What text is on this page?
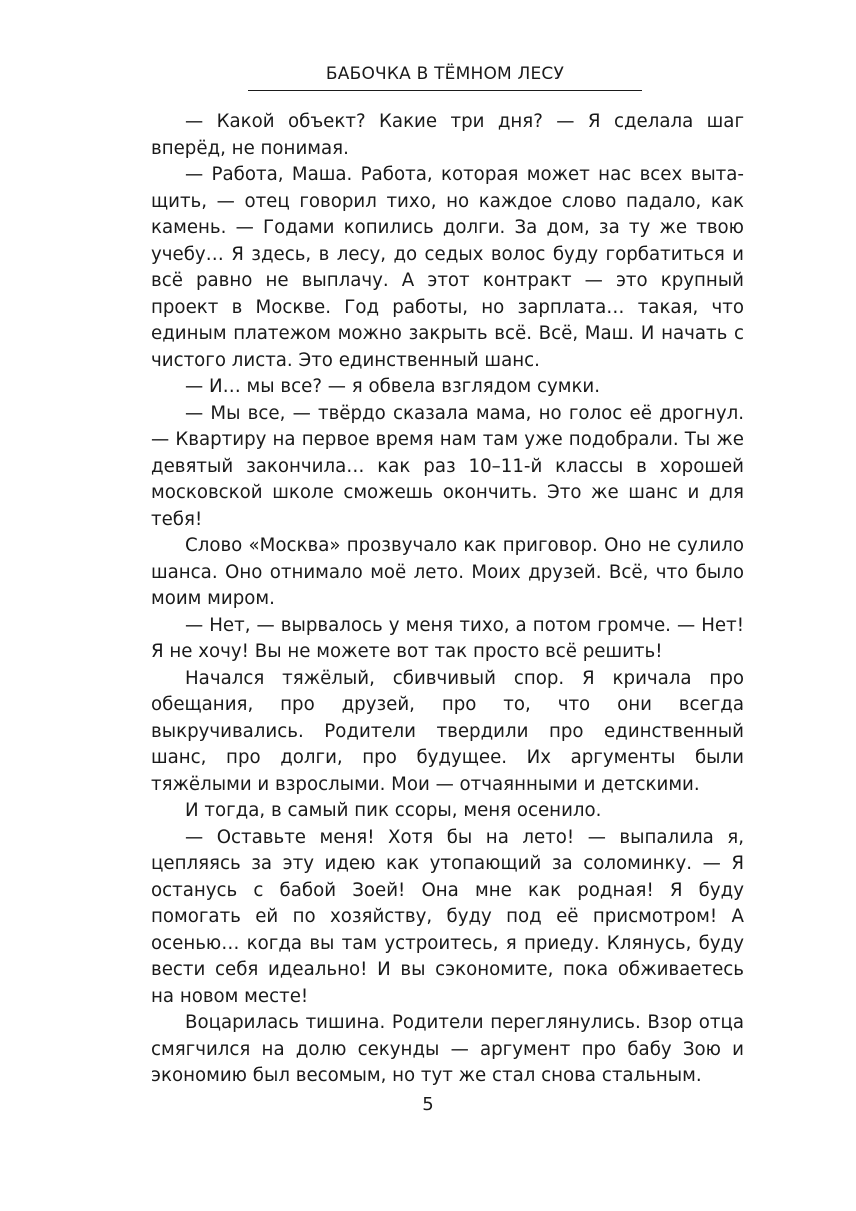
БАБОЧКА В ТЁМНОМ ЛЕСУ

— Какой объект? Какие три дня? — Я сделала шаг вперёд, не понимая.

— Работа, Маша. Работа, которая может нас всех вытащить, — отец говорил тихо, но каждое слово падало, как камень. — Годами копились долги. За дом, за ту же твою учебу… Я здесь, в лесу, до седых волос буду горбатиться и всё равно не выплачу. А этот контракт — это крупный проект в Москве. Год работы, но зарплата… такая, что единым платежом можно закрыть всё. Всё, Маш. И начать с чистого листа. Это единственный шанс.

— И… мы все? — я обвела взглядом сумки.

— Мы все, — твёрдо сказала мама, но голос её дрогнул. — Квартиру на первое время нам там уже подобрали. Ты же девятый закончила… как раз 10–11-й классы в хорошей московской школе сможешь окончить. Это же шанс и для тебя!

Слово «Москва» прозвучало как приговор. Оно не сулило шанса. Оно отнимало моё лето. Моих друзей. Всё, что было моим миром.

— Нет, — вырвалось у меня тихо, а потом громче. — Нет! Я не хочу! Вы не можете вот так просто всё решить!

Начался тяжёлый, сбивчивый спор. Я кричала про обещания, про друзей, про то, что они всегда выкручивались. Родители твердили про единственный шанс, про долги, про будущее. Их аргументы были тяжёлыми и взрослыми. Мои — отчаянными и детскими.

И тогда, в самый пик ссоры, меня осенило.

— Оставьте меня! Хотя бы на лето! — выпалила я, цепляясь за эту идею как утопающий за соломинку. — Я останусь с бабой Зоей! Она мне как родная! Я буду помогать ей по хозяйству, буду под её присмотром! А осенью… когда вы там устроитесь, я приеду. Клянусь, буду вести себя идеально! И вы сэкономите, пока обживаетесь на новом месте!

Воцарилась тишина. Родители переглянулись. Взор отца смягчился на долю секунды — аргумент про бабу Зою и экономию был весомым, но тут же стал снова стальным.

5
